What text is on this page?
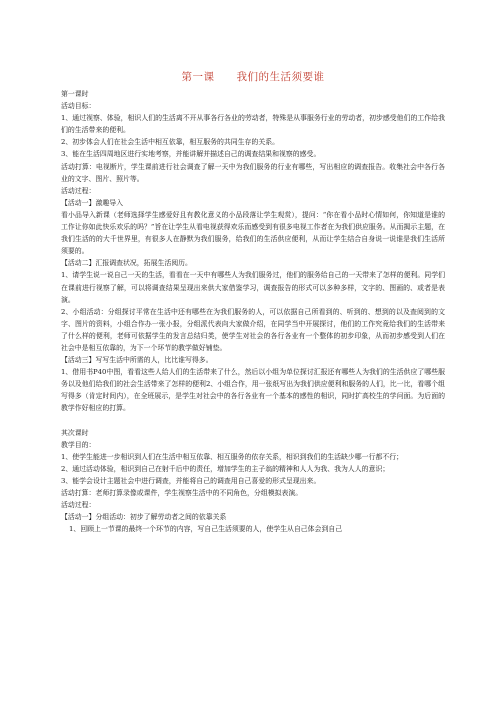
第一课　　我们的生活须要谁

第一课时

活动目标：

1、通过视察、体验，相识人们的生活离不开从事各行各业的劳动者，特殊是从事服务行业的劳动者，初步感受他们的工作给我们的生活带来的便利。

2、初步体会人们在社会生活中相互依靠，相互服务的共同生存的关系。

3、能在生活四周地区进行实地考察，并能讲解并描述自己的调查结果和视察的感受。

活动打算：电视断片，学生课前进行社会调查了解一天中为我们服务的行业有哪些，写出相应的调查报告。收集社会中各行各业的文字、图片、照片等。

活动过程：

【活动一】激趣导入

看小品导入新课（老师选择学生感爱好且有教化意义的小品段落让学生观赏），提问：“你在看小品时心情如何，你知道是谁的工作让你如此快乐欢乐的吗？”旨在让学生从看电视获得欢乐而感受到有很多电视工作者在为我们供应服务。从而揭示主题，在我们生活的的大千世界里，有很多人在静默为我们服务，给我们的生活供应便利，从而让学生结合自身说一说谁是我们生活所须要的。

【活动二】汇报调查状况，拓展生活阅历。

1、请学生说一说自己一天的生活，看看在一天中有哪些人为我们服务过，他们的服务给自己的一天带来了怎样的便利。同学们在课前进行视察了解，可以将调查结果呈现出来供大家借鉴学习，调查报告的形式可以多种多样，文字的、图画的、或者是表演。

2、小组活动：分组探讨平常在生活中还有哪些在为我们服务的人，可以依据自己所看到的、听到的、想到的以及查阅到的文字、图片的资料，小组合作办一张小报，分组派代表向大家做介绍，在同学当中开展探讨，他们的工作究竟给我们的生活带来了什么样的便利，老师可依据学生的发言总结归类，使学生对社会的各行各业有一个整体的初步印象，从而初步感受到人们在社会中是相互依靠的，为下一个环节的教学做好铺垫。

【活动三】写写生活中所需的人，比比谁写得多。

1、借用书P40中图，看看这些人给人们的生活带来了什么，然后以小组为单位探讨汇报还有哪些人为我们的生活供应了哪些服务以及他们给我们的社会生活带来了怎样的便利2、小组合作，用一张纸写出为我们供应便利和服务的人们，比一比，看哪个组写得多（肯定时间内），在全班展示，是学生对社会中的各行各业有一个基本的感性的相识，同时扩高校生的学问面。为后面的教学作好相应的打算。

其次课时

教学目的：

1、使学生能进一步相识到人们在生活中相互依靠、相互服务的依存关系，相识到我们的生活缺少哪一行都不行；

2、通过活动体验，相识到自己在射千后中的责任，增加学生的主子翁的精神和人人为我、我为人人的意识；

3、能学会设计主题社会中进行调查，并能将自己的调查用自己喜爱的形式呈现出来。

活动打算：老师打算录像或课件，学生视察生活中的不同角色，分组模拟表演。

活动过程：

【活动一】分组活动：初步了解劳动者之间的依靠关系

1、回顾上一节课的最终一个环节的内容，写自己生活须要的人，使学生从自己体会到自己
